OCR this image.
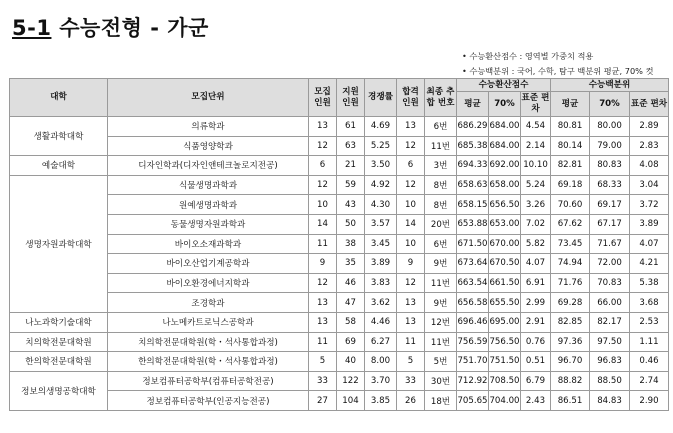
5-1 수능전형 - 가군
• 수능환산점수 : 영역별 가중치 적용
• 수능백분위 : 국어, 수학, 탐구 백분위 평균, 70% 컷
대학	모집단위	모집 인원	지원 인원	경쟁률	합격 인원	최종 추합 번호	수능환산점수			수능백분위		
							평균	70%	표준 편차	평균	70%	표준 편차
생활과학대학	의류학과	13	61	4.69	13	6번	686.29	684.00	4.54	80.81	80.00	2.89
	식품영양학과	12	63	5.25	12	11번	685.38	684.00	2.14	80.14	79.00	2.83
예술대학	디자인학과(디자인앤테크놀로지전공)	6	21	3.50	6	3번	694.33	692.00	10.10	82.81	80.83	4.08
생명자원과학대학	식물생명과학과	12	59	4.92	12	8번	658.63	658.00	5.24	69.18	68.33	3.04
	원예생명과학과	10	43	4.30	10	8번	658.15	656.50	3.26	70.60	69.17	3.72
	동물생명자원과학과	14	50	3.57	14	20번	653.88	653.00	7.02	67.62	67.17	3.89
	바이오소재과학과	11	38	3.45	10	6번	671.50	670.00	5.82	73.45	71.67	4.07
	바이오산업기계공학과	9	35	3.89	9	9번	673.64	670.50	4.07	74.94	72.00	4.21
	바이오환경에너지학과	12	46	3.83	12	11번	663.54	661.50	6.91	71.76	70.83	5.38
	조경학과	13	47	3.62	13	9번	656.58	655.50	2.99	69.28	66.00	3.68
나노과학기술대학	나노메카트로닉스공학과	13	58	4.46	13	12번	696.46	695.00	2.91	82.85	82.17	2.53
치의학전문대학원	치의학전문대학원(학・석사통합과정)	11	69	6.27	11	11번	756.59	756.50	0.76	97.36	97.50	1.11
한의학전문대학원	한의학전문대학원(학・석사통합과정)	5	40	8.00	5	5번	751.70	751.50	0.51	96.70	96.83	0.46
정보의생명공학대학	정보컴퓨터공학부(컴퓨터공학전공)	33	122	3.70	33	30번	712.92	708.50	6.79	88.82	88.50	2.74
	정보컴퓨터공학부(인공지능전공)	27	104	3.85	26	18번	705.65	704.00	2.43	86.51	84.83	2.90
